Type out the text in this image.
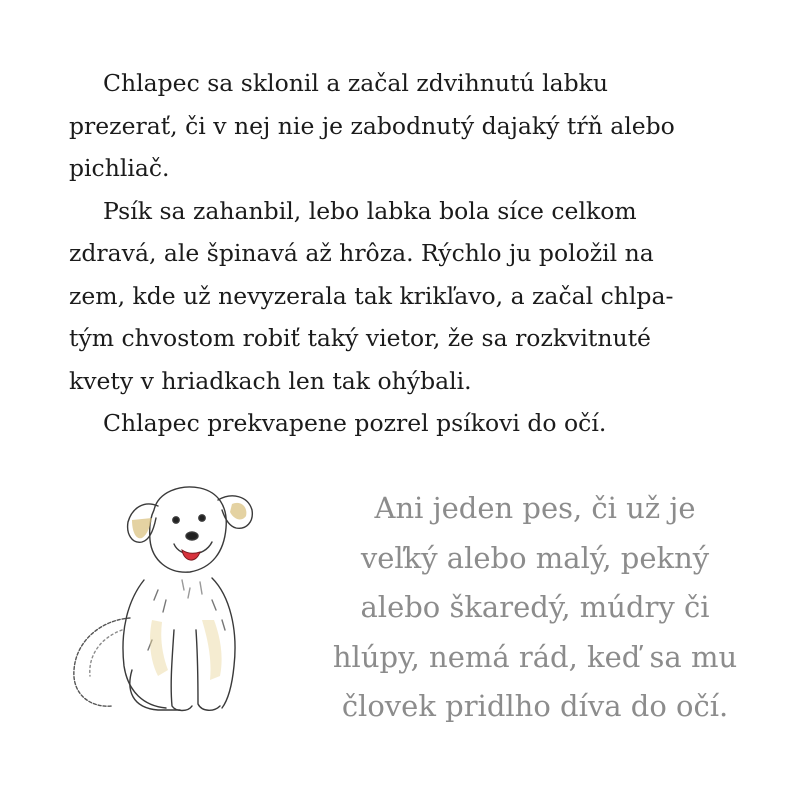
Chlapec sa sklonil a začal zdvihnutú labku
prezerať, či v nej nie je zabodnutý dajaký tŕň alebo
pichliač.
Psík sa zahanbil, lebo labka bola síce celkom
zdravá, ale špinavá až hrôza. Rýchlo ju položil na
zem, kde už nevyzerala tak krikľavo, a začal chlpa-
tým chvostom robiť taký vietor, že sa rozkvitnuté
kvety v hriadkach len tak ohýbali.
Chlapec prekvapene pozrel psíkovi do očí.
Ani jeden pes, či už je
veľký alebo malý, pekný
alebo škaredý, múdry či
hlúpy, nemá rád, keď sa mu
človek pridlho díva do očí.
